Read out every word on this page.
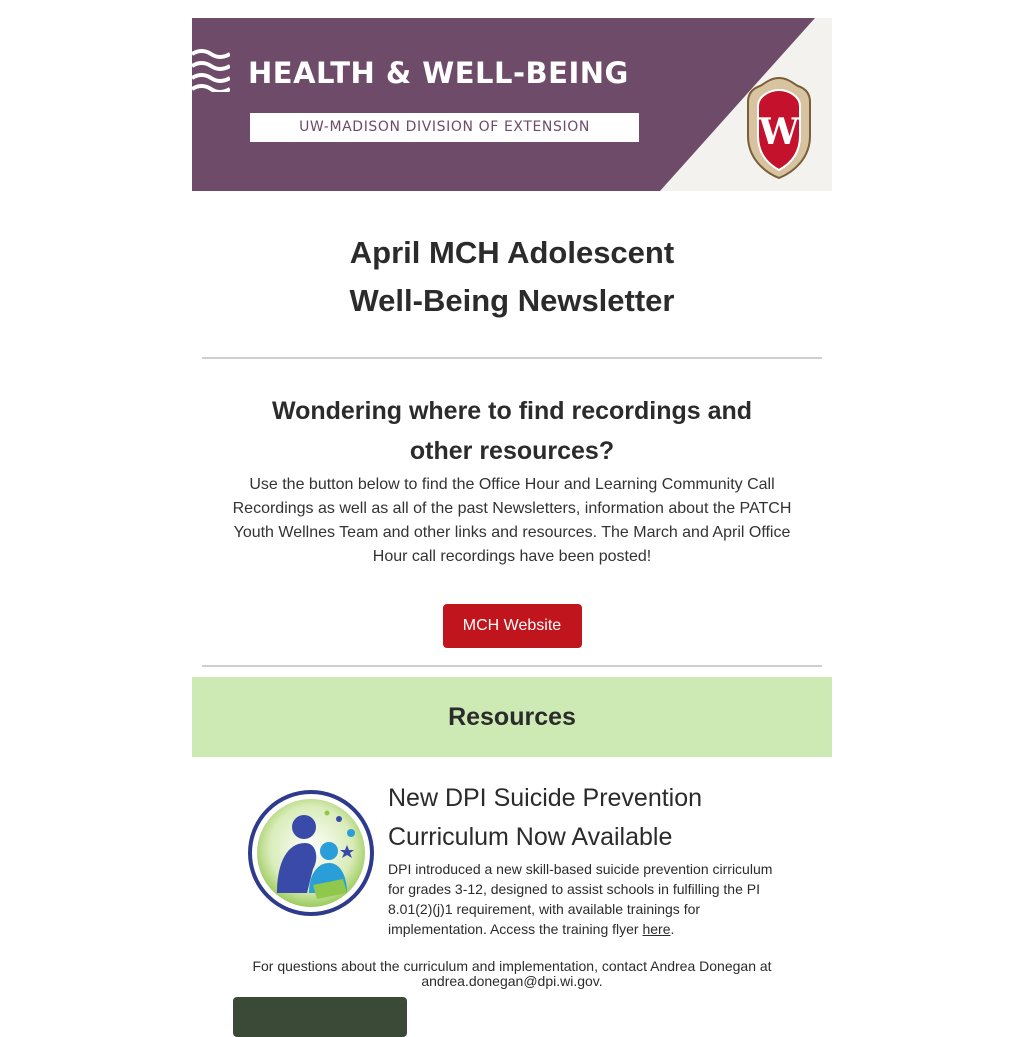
HEALTH & WELL-BEING
UW-MADISON DIVISION OF EXTENSION	W
April MCH Adolescent
Well-Being Newsletter
Wondering where to find recordings and
other resources?

Use the button below to find the Office Hour and Learning Community Call Recordings as well as all of the past Newsletters, information about the PATCH Youth Wellnes Team and other links and resources. The March and April Office Hour call recordings have been posted!

MCH Website
Resources
New DPI Suicide Prevention
Curriculum Now Available
DPI introduced a new skill-based suicide prevention cirriculum for grades 3-12, designed to assist schools in fulfilling the PI 8.01(2)(j)1 requirement, with available trainings for implementation. Access the training flyer here.
For questions about the curriculum and implementation, contact Andrea Donegan at
andrea.donegan@dpi.wi.gov.
